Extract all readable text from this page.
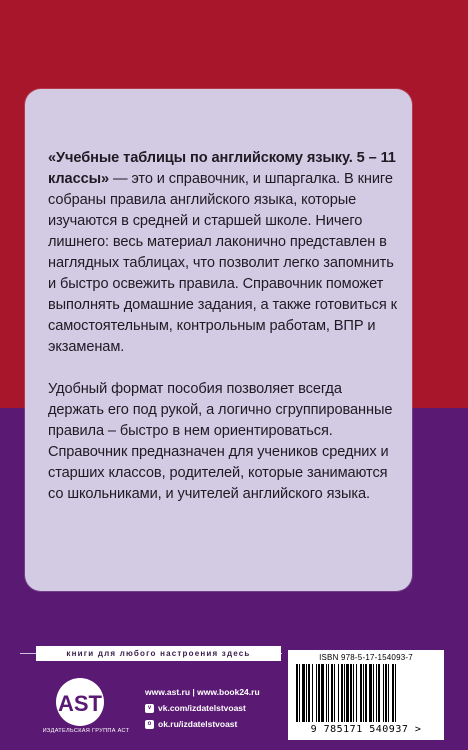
«Учебные таблицы по английскому языку. 5 – 11 классы» — это и справочник, и шпаргалка. В книге собраны правила английского языка, которые изучаются в средней и старшей школе. Ничего лишнего: весь материал лаконично представлен в наглядных таблицах, что позволит легко запомнить и быстро освежить правила. Справочник поможет выполнять домашние задания, а также готовиться к самостоятельным, контрольным работам, ВПР и экзаменам.

Удобный формат пособия позволяет всегда держать его под рукой, а логично сгруппированные правила – быстро в нем ориентироваться. Справочник предназначен для учеников средних и старших классов, родителей, которые занимаются со школьниками, и учителей английского языка.

книги для любого настроения здесь
AST
ИЗДАТЕЛЬСКАЯ ГРУППА АСТ
www.ast.ru | www.book24.ru
v vk.com/izdatelstvoast
o ok.ru/izdatelstvoast
ISBN 978-5-17-154093-7
9 785171 540937 >
